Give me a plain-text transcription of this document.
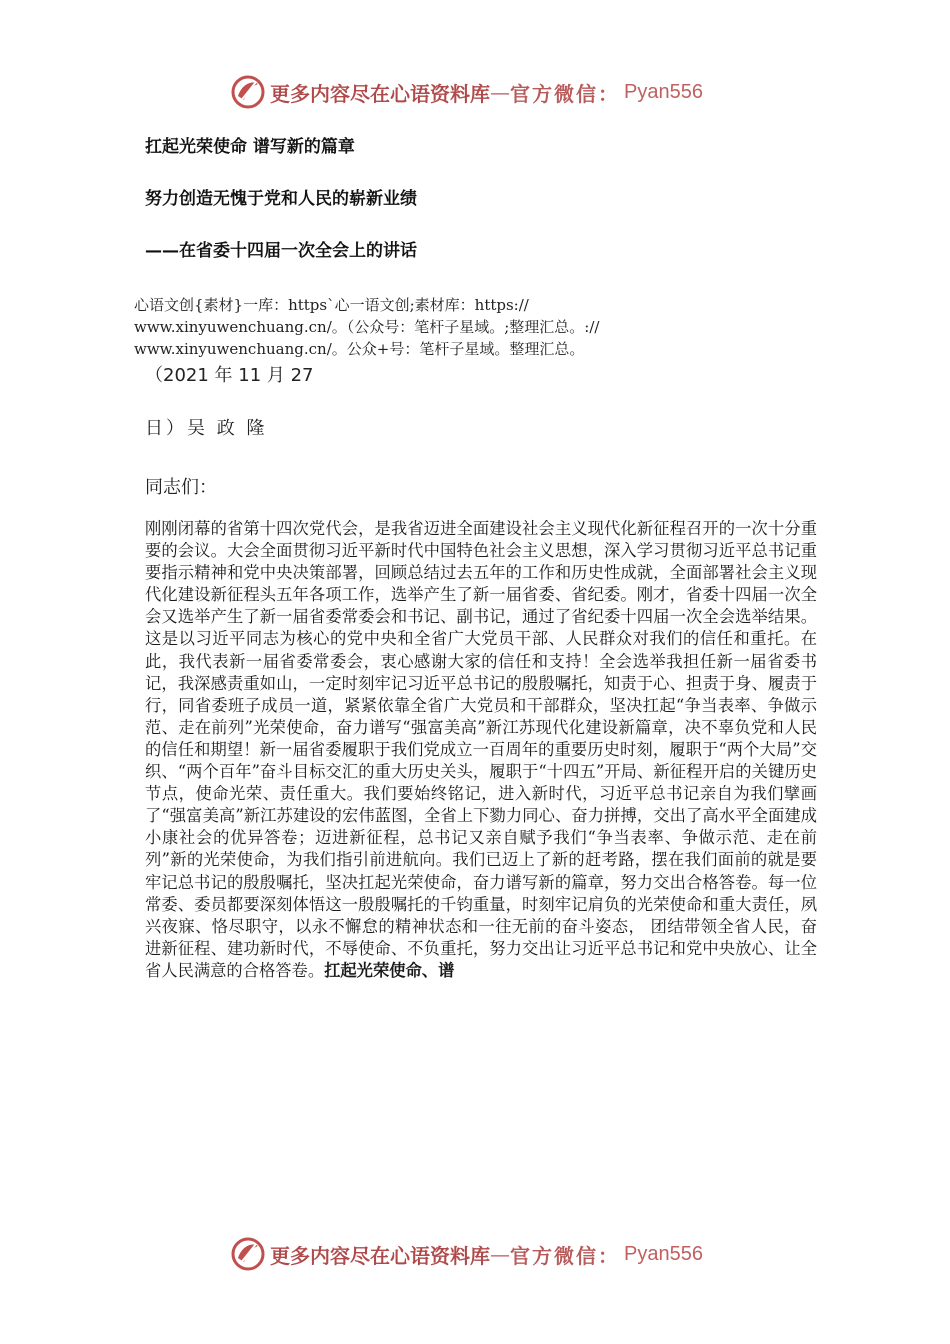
更多内容尽在心语资料库 — 官方微信： Pyan556
扛起光荣使命 谱写新的篇章
努力创造无愧于党和人民的崭新业绩
——在省委十四届一次全会上的讲话
心语文创{素材}一库：https`心一语文创;素材库：https://
www.xinyuwenchuang.cn/。（公众号：笔杆子星域。;整理汇总。://
www.xinyuwenchuang.cn/。公众+号：笔杆子星域。整理汇总。
（2021 年 11 月 27
日）吴 政 隆
同志们：
刚刚闭幕的省第十四次党代会，是我省迈进全面建设社会主义现代化新征程召开的一次十分重要的会议。大会全面贯彻习近平新时代中国特色社会主义思想，深入学习贯彻习近平总书记重要指示精神和党中央决策部署，回顾总结过去五年的工作和历史性成就，全面部署社会主义现代化建设新征程头五年各项工作，选举产生了新一届省委、省纪委。刚才，省委十四届一次全会又选举产生了新一届省委常委会和书记、副书记，通过了省纪委十四届一次全会选举结果。这是以习近平同志为核心的党中央和全省广大党员干部、人民群众对我们的信任和重托。在此，我代表新一届省委常委会，衷心感谢大家的信任和支持！全会选举我担任新一届省委书记，我深感责重如山，一定时刻牢记习近平总书记的殷殷嘱托，知责于心、担责于身、履责于行，同省委班子成员一道，紧紧依靠全省广大党员和干部群众，坚决扛起“争当表率、争做示范、走在前列”光荣使命，奋力谱写“强富美高”新江苏现代化建设新篇章，决不辜负党和人民的信任和期望！新一届省委履职于我们党成立一百周年的重要历史时刻，履职于“两个大局”交织、“两个百年”奋斗目标交汇的重大历史关头，履职于“十四五”开局、新征程开启的关键历史节点，使命光荣、责任重大。我们要始终铭记，进入新时代，习近平总书记亲自为我们擘画了“强富美高”新江苏建设的宏伟蓝图，全省上下勠力同心、奋力拼搏，交出了高水平全面建成小康社会的优异答卷；迈进新征程，总书记又亲自赋予我们“争当表率、争做示范、走在前列”新的光荣使命，为我们指引前进航向。我们已迈上了新的赶考路，摆在我们面前的就是要牢记总书记的殷殷嘱托，坚决扛起光荣使命，奋力谱写新的篇章，努力交出合格答卷。每一位常委、委员都要深刻体悟这一殷殷嘱托的千钧重量，时刻牢记肩负的光荣使命和重大责任，夙兴夜寐、恪尽职守，以永不懈怠的精神状态和一往无前的奋斗姿态， 团结带领全省人民，奋进新征程、建功新时代，不辱使命、不负重托，努力交出让习近平总书记和党中央放心、让全省人民满意的合格答卷。扛起光荣使命、谱
更多内容尽在心语资料库 — 官方微信： Pyan556
